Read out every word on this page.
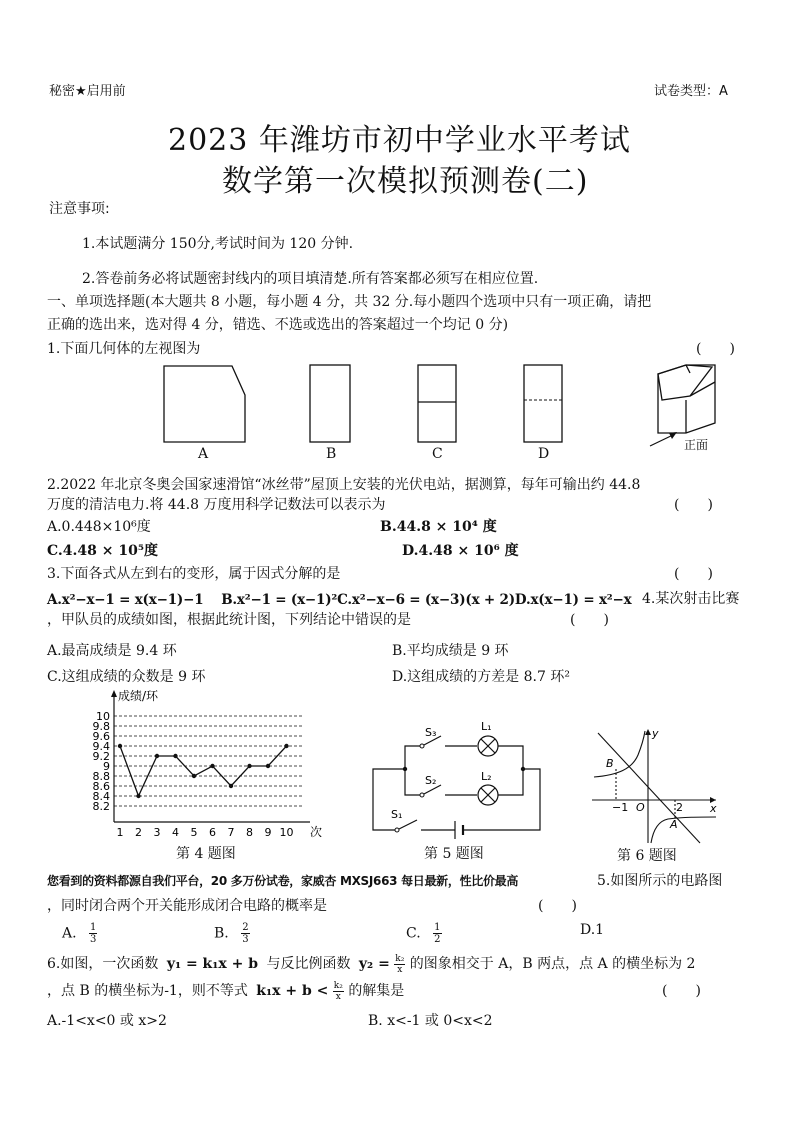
秘密★启用前	试卷类型：A
2023 年潍坊市初中学业水平考试
数学第一次模拟预测卷(二)
注意事项:
1.本试题满分 150分,考试时间为 120 分钟.
2.答卷前务必将试题密封线内的项目填清楚.所有答案都必须写在相应位置.
一、单项选择题(本大题共 8 小题，每小题 4 分，共 32 分.每小题四个选项中只有一项正确，请把
正确的选出来，选对得 4 分，错选、不选或选出的答案超过一个均记 0 分)
1.下面几何体的左视图为	(　　)
正面
A	B	C	D
2.2022 年北京冬奥会国家速滑馆“冰丝带”屋顶上安装的光伏电站，据测算，每年可输出约 44.8
万度的清洁电力.将 44.8 万度用科学记数法可以表示为	(　　)
A.0.448×10⁶度	B.44.8 × 10⁴ 度
C.4.48 × 10⁵度	D.4.48 × 10⁶ 度
3.下面各式从左到右的变形，属于因式分解的是	(　　)
A.x²−x−1 = x(x−1)−1　 B.x²−1 = (x−1)²C.x²−x−6 = (x−3)(x + 2)D.x(x−1) = x²−x 4.某次射击比赛
，甲队员的成绩如图，根据此统计图，下列结论中错误的是	(　　)
A.最高成绩是 9.4 环	B.平均成绩是 9 环
C.这组成绩的众数是 9 环	D.这组成绩的方差是 8.7 环²
8.2
8.4
8.6
8.8
9
9.2
9.4
9.6
9.8
10
成绩/环
1 2 3 4 5 6 7 8 9 10 次
第 4 题图
S₃	L₁
S₂	L₂
S₁
第 5 题图
y
x
B
A
O
−1	2
第 6 题图
您看到的资料都源自我们平台，20 多万份试卷，家威杏 MXSJ663 每日最新，性比价最高	5.如图所示的电路图
，同时闭合两个开关能形成闭合电路的概率是	(　　)
A. $\frac{1}{3}$	B. $\frac{2}{3}$	C. $\frac{1}{2}$	D.1
6.如图，一次函数 y₁ = k₁x + b 与反比例函数 $y_2 = \frac{\text{k₂}}{x}$ 的图象相交于 A，B 两点，点 A 的横坐标为 2
，点 B 的横坐标为-1，则不等式 $k_1x + b < \frac{\text{k₂}}{x}$ 的解集是	(　　)
A.-1<x<0 或 x>2	B. x<-1 或 0<x<2
